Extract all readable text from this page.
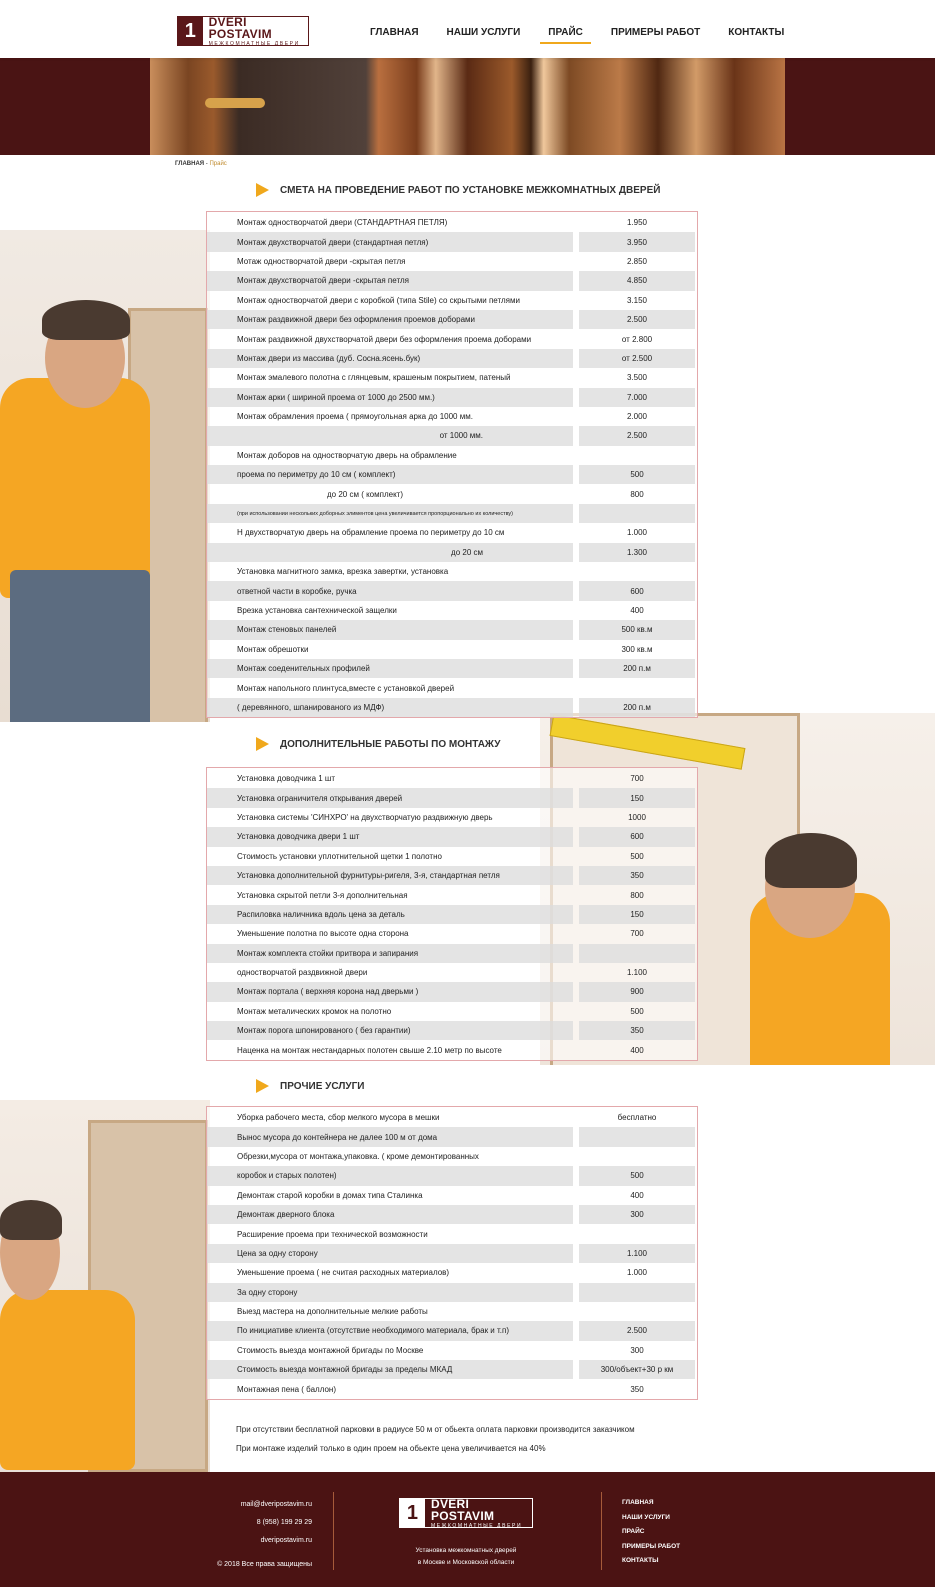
1	DVERI POSTAVIM
МЕЖКОМНАТНЫЕ ДВЕРИ
ГЛАВНАЯ	НАШИ УСЛУГИ	ПРАЙС	ПРИМЕРЫ РАБОТ	КОНТАКТЫ
ГЛАВНАЯ - Прайс
СМЕТА НА ПРОВЕДЕНИЕ РАБОТ ПО УСТАНОВКЕ МЕЖКОМНАТНЫХ ДВЕРЕЙ
Монтаж одностворчатой двери (СТАНДАРТНАЯ ПЕТЛЯ)	1.950
Монтаж двухстворчатой двери (стандартная петля)	3.950
Мотаж одностворчатой двери -скрытая петля	2.850
Монтаж двухстворчатой двери -скрытая петля	4.850
Монтаж одностворчатой двери с коробкой (типа Stile) со скрытыми петлями	3.150
Монтаж раздвижной двери без оформления проемов доборами	2.500
Монтаж раздвижной двухстворчатой двери без оформления проема доборами	от 2.800
Монтаж двери из массива (дуб. Сосна.ясень.бук)	от 2.500
Монтаж эмалевого полотна с глянцевым, крашеным покрытием, патеный	3.500
Монтаж арки ( шириной проема от 1000 до 2500 мм.)	7.000
Монтаж обрамления проема ( прямоугольная арка до 1000 мм.	2.000
от 1000 мм.	2.500
Монтаж доборов на одностворчатую дверь на обрамление
проема по периметру до 10 см ( комплект)	500
до 20 см ( комплект)	800
(при использовании нескольких доборных элиментов цена увеличивается пропорционально их количеству)
Н двухстворчатую дверь на обрамление проема по периметру до 10 см	1.000
до 20 см	1.300
Установка магнитного замка, врезка завертки, установка
ответной части в коробке, ручка	600
Врезка установка сантехнической защелки	400
Монтаж стеновых панелей	500 кв.м
Монтаж обрешотки	300 кв.м
Монтаж соеденительных профилей	200 п.м
Монтаж напольного плинтуса,вместе с установкой дверей
( деревянного, шпанированого из МДФ)	200 п.м
ДОПОЛНИТЕЛЬНЫЕ РАБОТЫ ПО МОНТАЖУ
Установка доводчика 1 шт	700
Установка ограничителя открывания дверей	150
Установка системы 'СИНХРО' на двухстворчатую раздвижную дверь	1000
Установка доводчика двери 1 шт	600
Стоимость установки уплотнительной щетки 1 полотно	500
Установка дополнительной фурнитуры-ригеля, 3-я, стандартная петля	350
Установка скрытой петли 3-я дополнительная	800
Распиловка наличника вдоль цена за деталь	150
Уменьшение полотна по высоте одна сторона	700
Монтаж комплекта стойки притвора и запирания
одностворчатой раздвижной двери	1.100
Монтаж портала ( верхняя корона над дверьми )	900
Монтаж металических кромок на полотно	500
Монтаж порога шпонированого ( без гарантии)	350
Наценка на монтаж нестандарных полотен свыше 2.10 метр по высоте	400
ПРОЧИЕ УСЛУГИ
Уборка рабочего места, сбор мелкого мусора в мешки	бесплатно
Вынос мусора до контейнера не далее 100 м от дома
Обрезки,мусора от монтажа,упаковка. ( кроме демонтированных
коробок и старых полотен)	500
Демонтаж старой коробки в домах типа Сталинка	400
Демонтаж дверного блока	300
Расширение проема при технической возможности
Цена за одну сторону	1.100
Уменьшение проема ( не считая расходных материалов)	1.000
За одну сторону
Выезд мастера на дополнительные мелкие работы
По инициативе клиента (отсутствие необходимого материала, брак и т.п)	2.500
Стоимость выезда монтажной бригады по Москве	300
Стоимость выезда монтажной бригады за пределы МКАД	300/объект+30 р км
Монтажная пена ( баллон)	350
При отсутствии бесплатной парковки в радиусе 50 м от обьекта оплата парковки производится заказчиком
При монтаже изделий только в один проем на обьекте цена увеличивается на 40%
mail@dveripostavim.ru
8 (958) 199 29 29
dveripostavim.ru
© 2018 Все права защищены
1	DVERI POSTAVIM
МЕЖКОМНАТНЫЕ ДВЕРИ
Установка межкомнатных дверей
в Москве и Московской области
ГЛАВНАЯ
НАШИ УСЛУГИ
ПРАЙС
ПРИМЕРЫ РАБОТ
КОНТАКТЫ
